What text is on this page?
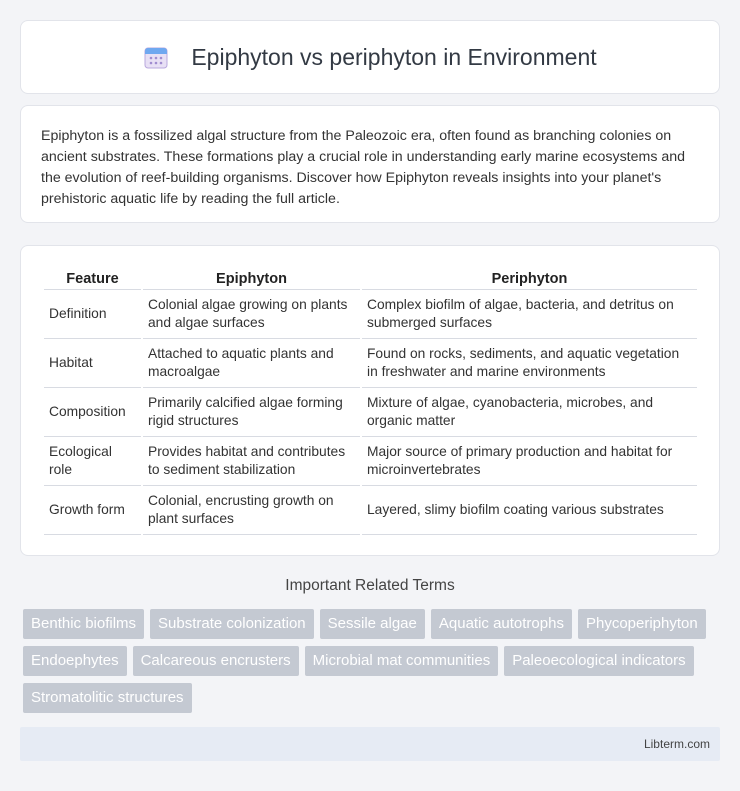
Epiphyton vs periphyton in Environment

Epiphyton is a fossilized algal structure from the Paleozoic era, often found as branching colonies on ancient substrates. These formations play a crucial role in understanding early marine ecosystems and the evolution of reef-building organisms. Discover how Epiphyton reveals insights into your planet's prehistoric aquatic life by reading the full article.

Feature	Epiphyton	Periphyton
Definition	Colonial algae growing on plants and algae surfaces	Complex biofilm of algae, bacteria, and detritus on submerged surfaces
Habitat	Attached to aquatic plants and macroalgae	Found on rocks, sediments, and aquatic vegetation in freshwater and marine environments
Composition	Primarily calcified algae forming rigid structures	Mixture of algae, cyanobacteria, microbes, and organic matter
Ecological role	Provides habitat and contributes to sediment stabilization	Major source of primary production and habitat for microinvertebrates
Growth form	Colonial, encrusting growth on plant surfaces	Layered, slimy biofilm coating various substrates
Important Related Terms
Benthic biofilms	Substrate colonization	Sessile algae	Aquatic autotrophs	Phycoperiphyton
Endoephytes	Calcareous encrusters	Microbial mat communities	Paleoecological indicators
Stromatolitic structures
Libterm.com
